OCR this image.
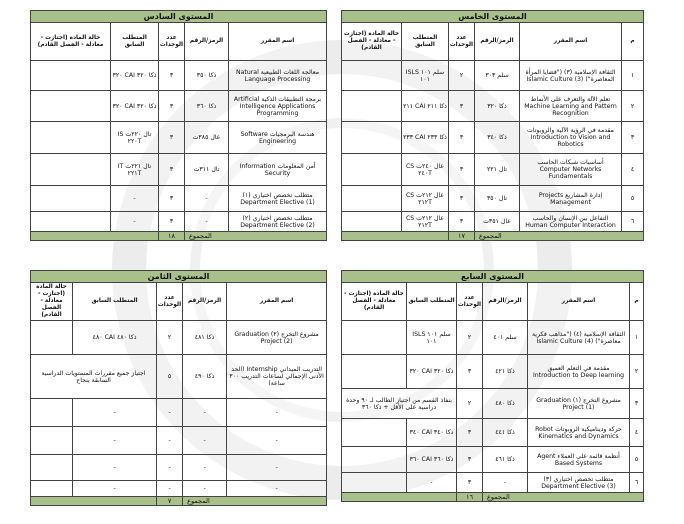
المستوى الخامس					
م	اسم المقرر	الرمز/الرقم	عدد الوحدات	المتطلب السابق	حالة المادة (اجتازت - معادلة - الفصل القادم)
١	الثقافة الإسلامية (٣) ("قضايا المرأة المعاصرة") Islamic Culture (3)	سلم ٣٠٣	٢	سلم ١٠١ ISLS ١٠١	
٢	تعلم الآلة والتعرف على الأنماط Machine Learning and Pattern Recognition	ذكا ٣٢٠	٣	ذكا ٢١١ CAI ٢١١	
٣	مقدمة في الرؤية الآلية والروبوتات Introduction to Vision and Robotics	ذكا ٣٤٠	٣	ذكا ٢٣٣ CAI ٢٣٣	
٤	أساسيات شبكات الحاسب Computer Networks Fundamentals	تال ٢٢١	٣	عال ٢٤٠ت CS ٢٤٠T	
٥	إدارة المشاريع Projects Management	تال ٣٥٠	٣	عال ٢١٢ت CS ٢١٢T	
٦	التفاعل بين الإنسان والحاسب Human Computer Interaction	عال ٣٥١ت	٣	عال ٢١٢ت CS ٢١٢T	
المجموع			١٧		
المستوى السادس				
اسم المقرر	الرمز/الرقم	عدد الوحدات	المتطلب السابق	حالة المادة (اجتازت - معادلة - الفصل القادم)
معالجة اللغات الطبيعية Natural Language Processing	ذكا ٣٥٠	٣	ذكا ٣٢٠ CAI ٣٢٠	
برمجة التطبيقات الذكية Artificial Intelligence Applications Programming	ذكا ٣٦٠	٣	ذكا ٣٢٠ CAI ٣٢٠	
هندسة البرمجيات Software Engineering	عال ٣٨٥ت	٣	تال ٢٢٠ت IS ٢٢٠T	
أمن المعلومات Information Security	تال ٣١١ت	٣	تال ٢٢١ت IT ٢٢١T	
متطلب تخصص اختياري (١) Department Elective (1)	-	٣	-	
متطلب تخصص اختياري (٢) Department Elective (2)	-	٣	-	
المجموع		١٨		
المستوى السابع					
م	اسم المقرر	الرمز/الرقم	عدد الوحدات	المتطلب السابق	حالة المادة (اجتازت - معادلة - الفصل القادم)
١	الثقافة الإسلامية (٤) ("مذاهب فكرية معاصرة") Islamic Culture (4)	سلم ٤٠١	٢	سلم ١٠١ ISLS ١٠١	
٢	مقدمة في التعلم العميق Introduction to Deep learning	ذكا ٤٢١	٣	ذكا ٣٢٠ CAI ٣٢٠	
٣	مشروع التخرج (١) Graduation Project (1)	ذكا ٤٨٠	٢	بنفاذ القسم من اجتياز الطالب لـ ٩٠ وحدة دراسية على الأقل + ذكا ٣٦٠	
٤	حركة وديناميكية الروبوتات Robot Kinematics and Dynamics	ذكا ٤٤١	٣	ذكا ٣٤٠ CAI ٣٤٠	
٥	أنظمة قائمة على العملاء Agent Based Systems	ذكا ٤٦١	٣	ذكا ٣٦٠ CAI ٣٦٠	
٦	متطلب تخصص اختياري (٣) Department Elective (3)	-	٣	-	
المجموع			١٦		
المستوى الثامن				
اسم المقرر	الرمز/الرقم	عدد الوحدات	المتطلب السابق	حالة المادة (اجتازت - معادلة - الفصل القادم)
مشروع التخرج (٢) Graduation Project (2)	ذكا ٤٨١	٢	ذكا ٤٨٠ CAI ٤٨٠	
التدريب الميداني Internship (الحد الأدنى الإجمالي لساعات التدريب ٣٠٠ ساعة)	ذكا ٤٩٠	٥	اجتياز جميع مقررات المستويات الدراسية السابقة بنجاح	
-	-	-	-	
-	-	-	-	
-	-	-	-	
-	-	-	-	
المجموع		٧		
